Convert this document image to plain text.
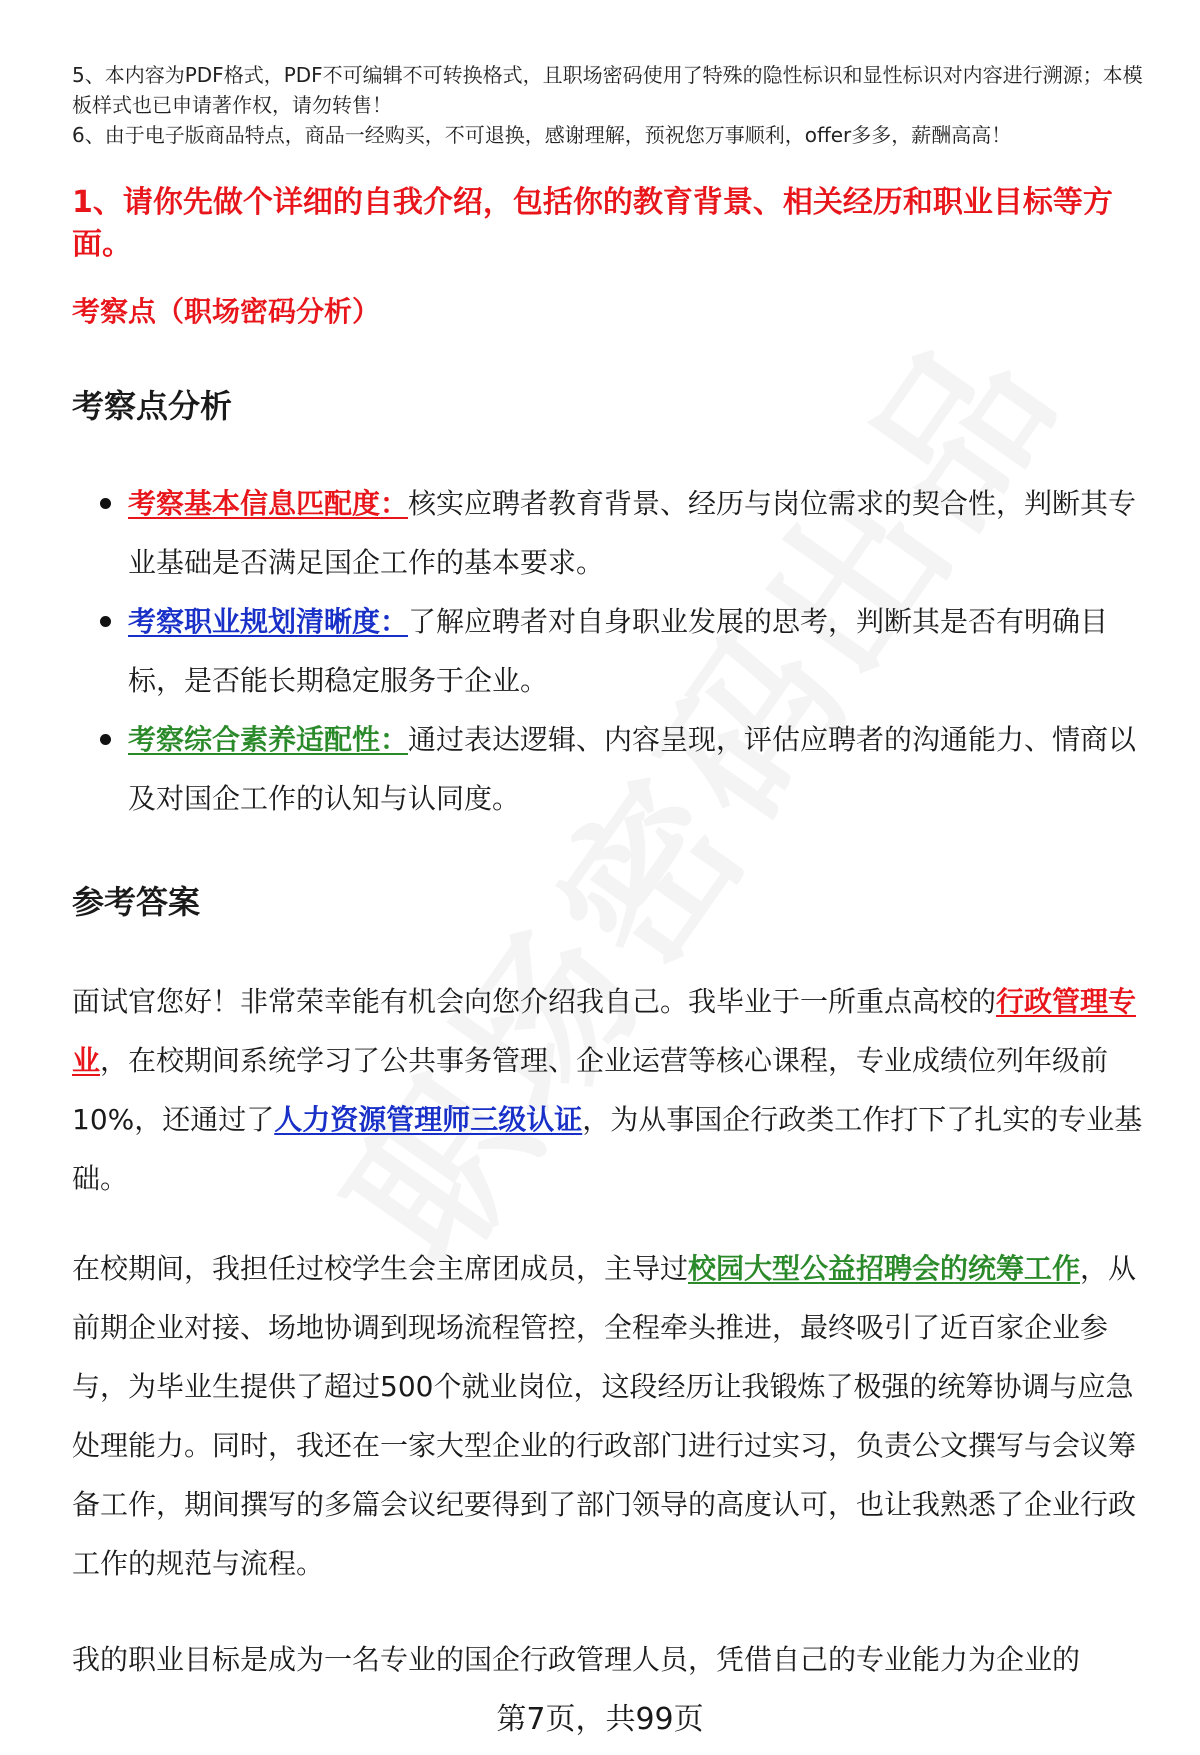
5、本内容为PDF格式，PDF不可编辑不可转换格式，且职场密码使用了特殊的隐性标识和显性标识对内容进行溯源；本模板样式也已申请著作权，请勿转售！

6、由于电子版商品特点，商品一经购买，不可退换，感谢理解，预祝您万事顺利，offer多多，薪酬高高！

1、请你先做个详细的自我介绍，包括你的教育背景、相关经历和职业目标等方面。

考察点（职场密码分析）

考察点分析

考察基本信息匹配度：核实应聘者教育背景、经历与岗位需求的契合性，判断其专业基础是否满足国企工作的基本要求。
考察职业规划清晰度：了解应聘者对自身职业发展的思考，判断其是否有明确目标，是否能长期稳定服务于企业。
考察综合素养适配性：通过表达逻辑、内容呈现，评估应聘者的沟通能力、情商以及对国企工作的认知与认同度。

参考答案

面试官您好！非常荣幸能有机会向您介绍我自己。我毕业于一所重点高校的行政管理专业，在校期间系统学习了公共事务管理、企业运营等核心课程，专业成绩位列年级前10%，还通过了人力资源管理师三级认证，为从事国企行政类工作打下了扎实的专业基础。

在校期间，我担任过校学生会主席团成员，主导过校园大型公益招聘会的统筹工作，从前期企业对接、场地协调到现场流程管控，全程牵头推进，最终吸引了近百家企业参与，为毕业生提供了超过500个就业岗位，这段经历让我锻炼了极强的统筹协调与应急处理能力。同时，我还在一家大型企业的行政部门进行过实习，负责公文撰写与会议筹备工作，期间撰写的多篇会议纪要得到了部门领导的高度认可，也让我熟悉了企业行政工作的规范与流程。

我的职业目标是成为一名专业的国企行政管理人员，凭借自己的专业能力为企业的

第7页，共99页
